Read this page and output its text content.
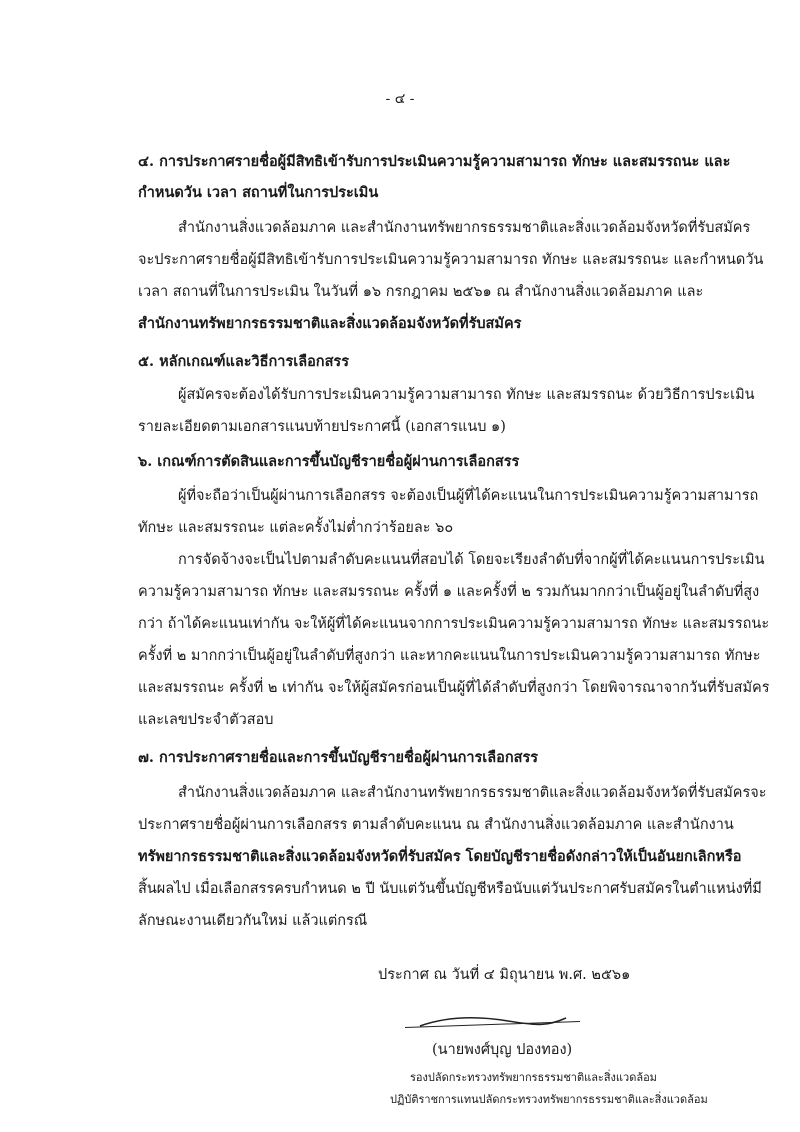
- ๔ -
๔. การประกาศรายชื่อผู้มีสิทธิเข้ารับการประเมินความรู้ความสามารถ ทักษะ และสมรรถนะ และ
กำหนดวัน เวลา สถานที่ในการประเมิน
สำนักงานสิ่งแวดล้อมภาค และสำนักงานทรัพยากรธรรมชาติและสิ่งแวดล้อมจังหวัดที่รับสมัคร
จะประกาศรายชื่อผู้มีสิทธิเข้ารับการประเมินความรู้ความสามารถ ทักษะ และสมรรถนะ และกำหนดวัน
เวลา สถานที่ในการประเมิน ในวันที่ ๑๖ กรกฎาคม ๒๕๖๑ ณ สำนักงานสิ่งแวดล้อมภาค และ
สำนักงานทรัพยากรธรรมชาติและสิ่งแวดล้อมจังหวัดที่รับสมัคร
๕. หลักเกณฑ์และวิธีการเลือกสรร
ผู้สมัครจะต้องได้รับการประเมินความรู้ความสามารถ ทักษะ และสมรรถนะ ด้วยวิธีการประเมิน
รายละเอียดตามเอกสารแนบท้ายประกาศนี้ (เอกสารแนบ ๑)
๖. เกณฑ์การตัดสินและการขึ้นบัญชีรายชื่อผู้ผ่านการเลือกสรร
ผู้ที่จะถือว่าเป็นผู้ผ่านการเลือกสรร จะต้องเป็นผู้ที่ได้คะแนนในการประเมินความรู้ความสามารถ
ทักษะ และสมรรถนะ แต่ละครั้งไม่ต่ำกว่าร้อยละ ๖๐
การจัดจ้างจะเป็นไปตามลำดับคะแนนที่สอบได้ โดยจะเรียงลำดับที่จากผู้ที่ได้คะแนนการประเมิน
ความรู้ความสามารถ ทักษะ และสมรรถนะ ครั้งที่ ๑ และครั้งที่ ๒ รวมกันมากกว่าเป็นผู้อยู่ในลำดับที่สูง
กว่า ถ้าได้คะแนนเท่ากัน จะให้ผู้ที่ได้คะแนนจากการประเมินความรู้ความสามารถ ทักษะ และสมรรถนะ
ครั้งที่ ๒ มากกว่าเป็นผู้อยู่ในลำดับที่สูงกว่า และหากคะแนนในการประเมินความรู้ความสามารถ ทักษะ
และสมรรถนะ ครั้งที่ ๒ เท่ากัน จะให้ผู้สมัครก่อนเป็นผู้ที่ได้ลำดับที่สูงกว่า โดยพิจารณาจากวันที่รับสมัคร
และเลขประจำตัวสอบ
๗. การประกาศรายชื่อและการขึ้นบัญชีรายชื่อผู้ผ่านการเลือกสรร
สำนักงานสิ่งแวดล้อมภาค และสำนักงานทรัพยากรธรรมชาติและสิ่งแวดล้อมจังหวัดที่รับสมัครจะ
ประกาศรายชื่อผู้ผ่านการเลือกสรร ตามลำดับคะแนน ณ สำนักงานสิ่งแวดล้อมภาค และสำนักงาน
ทรัพยากรธรรมชาติและสิ่งแวดล้อมจังหวัดที่รับสมัคร โดยบัญชีรายชื่อดังกล่าวให้เป็นอันยกเลิกหรือ
สิ้นผลไป เมื่อเลือกสรรครบกำหนด ๒ ปี นับแต่วันขึ้นบัญชีหรือนับแต่วันประกาศรับสมัครในตำแหน่งที่มี
ลักษณะงานเดียวกันใหม่ แล้วแต่กรณี
ประกาศ ณ วันที่ ๔ มิถุนายน พ.ศ. ๒๕๖๑
(นายพงศ์บุญ ปองทอง)
รองปลัดกระทรวงทรัพยากรธรรมชาติและสิ่งแวดล้อม
ปฏิบัติราชการแทนปลัดกระทรวงทรัพยากรธรรมชาติและสิ่งแวดล้อม
